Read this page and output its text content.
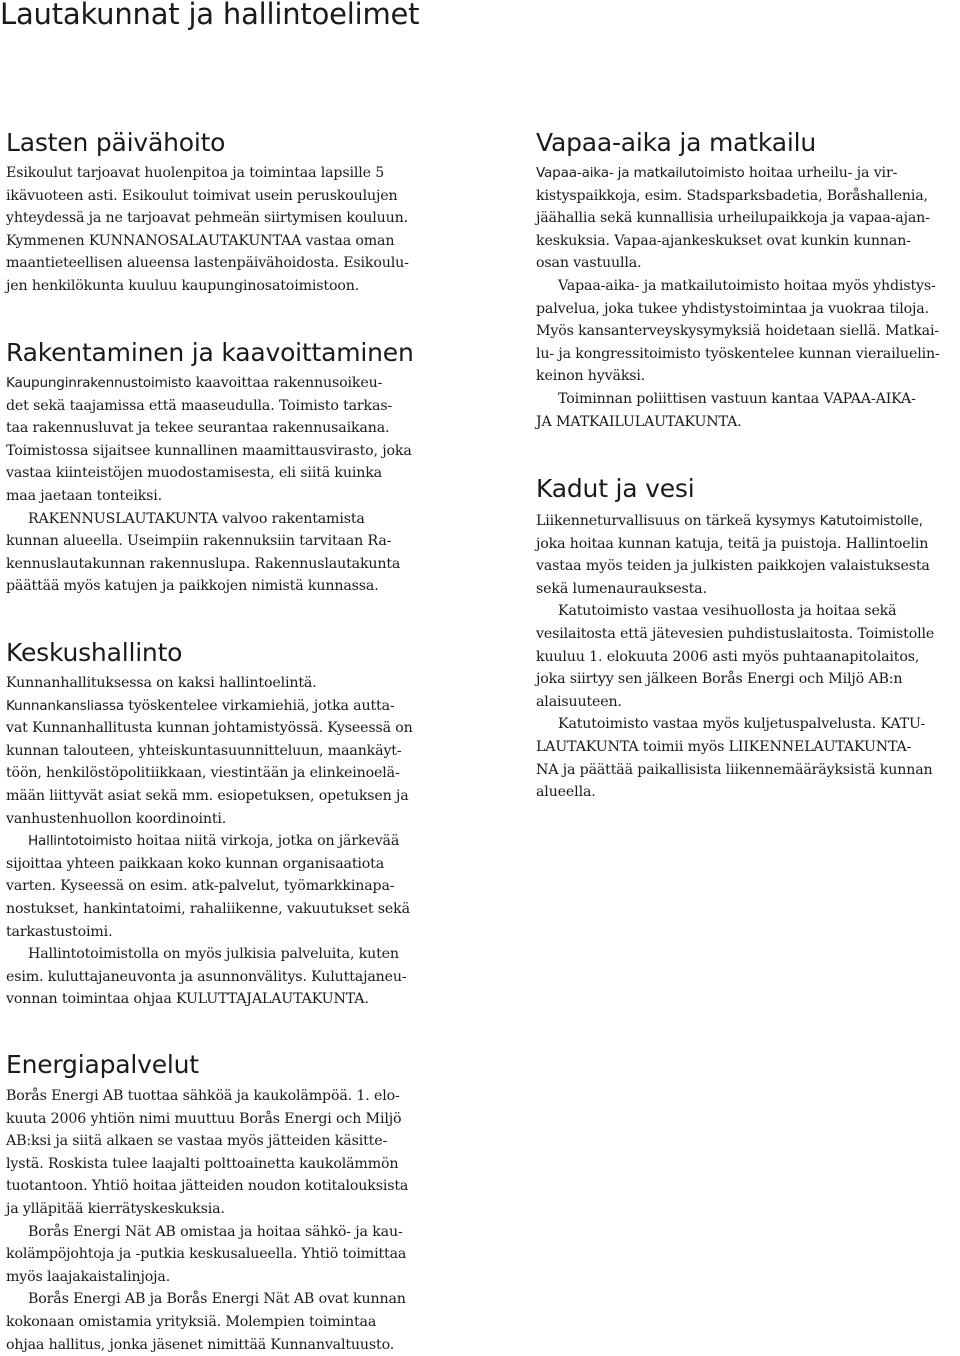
Lautakunnat ja hallintoelimet
Lasten päivähoito

Esikoulut tarjoavat huolenpitoa ja toimintaa lapsille 5
ikävuoteen asti. Esikoulut toimivat usein peruskoulujen
yhteydessä ja ne tarjoavat pehmeän siirtymisen kouluun.
Kymmenen KUNNANOSALAUTAKUNTAA vastaa oman
maantieteellisen alueensa lastenpäivähoidosta. Esikoulu-
jen henkilökunta kuuluu kaupunginosatoimistoon.

Rakentaminen ja kaavoittaminen

Kaupunginrakennustoimisto kaavoittaa rakennusoikeu-
det sekä taajamissa että maaseudulla. Toimisto tarkas-
taa rakennusluvat ja tekee seurantaa rakennusaikana.
Toimistossa sijaitsee kunnallinen maamittausvirasto, joka
vastaa kiinteistöjen muodostamisesta, eli siitä kuinka
maa jaetaan tonteiksi.

RAKENNUSLAUTAKUNTA valvoo rakentamista
kunnan alueella. Useimpiin rakennuksiin tarvitaan Ra-
kennuslautakunnan rakennuslupa. Rakennuslautakunta
päättää myös katujen ja paikkojen nimistä kunnassa.

Keskushallinto

Kunnanhallituksessa on kaksi hallintoelintä.

Kunnankansliassa työskentelee virkamiehiä, jotka autta-
vat Kunnanhallitusta kunnan johtamistyössä. Kyseessä on
kunnan talouteen, yhteiskuntasuunnitteluun, maankäyt-
töön, henkilöstöpolitiikkaan, viestintään ja elinkeinoelä-
mään liittyvät asiat sekä mm. esiopetuksen, opetuksen ja
vanhustenhuollon koordinointi.

Hallintotoimisto hoitaa niitä virkoja, jotka on järkevää
sijoittaa yhteen paikkaan koko kunnan organisaatiota
varten. Kyseessä on esim. atk-palvelut, työmarkkinapa-
nostukset, hankintatoimi, rahaliikenne, vakuutukset sekä
tarkastustoimi.

Hallintotoimistolla on myös julkisia palveluita, kuten
esim. kuluttajaneuvonta ja asunnonvälitys. Kuluttajaneu-
vonnan toimintaa ohjaa KULUTTAJALAUTAKUNTA.

Energiapalvelut

Borås Energi AB tuottaa sähköä ja kaukolämpöä. 1. elo-
kuuta 2006 yhtiön nimi muuttuu Borås Energi och Miljö
AB:ksi ja siitä alkaen se vastaa myös jätteiden käsitte-
lystä. Roskista tulee laajalti polttoainetta kaukolämmön
tuotantoon. Yhtiö hoitaa jätteiden noudon kotitalouksista
ja ylläpitää kierrätyskeskuksia.

Borås Energi Nät AB omistaa ja hoitaa sähkö- ja kau-
kolämpöjohtoja ja -putkia keskusalueella. Yhtiö toimittaa
myös laajakaistalinjoja.

Borås Energi AB ja Borås Energi Nät AB ovat kunnan
kokonaan omistamia yrityksiä. Molempien toimintaa
ohjaa hallitus, jonka jäsenet nimittää Kunnanvaltuusto.

Vapaa-aika ja matkailu

Vapaa-aika- ja matkailutoimisto hoitaa urheilu- ja vir-
kistyspaikkoja, esim. Stadsparksbadetia, Boråshallenia,
jäähallia sekä kunnallisia urheilupaikkoja ja vapaa-ajan-
keskuksia. Vapaa-ajankeskukset ovat kunkin kunnan-
osan vastuulla.

Vapaa-aika- ja matkailutoimisto hoitaa myös yhdistys-
palvelua, joka tukee yhdistystoimintaa ja vuokraa tiloja.
Myös kansanterveyskysymyksiä hoidetaan siellä. Matkai-
lu- ja kongressitoimisto työskentelee kunnan vierailuelin-
keinon hyväksi.

Toiminnan poliittisen vastuun kantaa VAPAA-AIKA-
JA MATKAILULAUTAKUNTA.

Kadut ja vesi

Liikenneturvallisuus on tärkeä kysymys Katutoimistolle,
joka hoitaa kunnan katuja, teitä ja puistoja. Hallintoelin
vastaa myös teiden ja julkisten paikkojen valaistuksesta
sekä lumenaurauksesta.

Katutoimisto vastaa vesihuollosta ja hoitaa sekä
vesilaitosta että jätevesien puhdistuslaitosta. Toimistolle
kuuluu 1. elokuuta 2006 asti myös puhtaanapitolaitos,
joka siirtyy sen jälkeen Borås Energi och Miljö AB:n
alaisuuteen.

Katutoimisto vastaa myös kuljetuspalvelusta. KATU-
LAUTAKUNTA toimii myös LIIKENNELAUTAKUNTA-
NA ja päättää paikallisista liikennemääräyksistä kunnan
alueella.
